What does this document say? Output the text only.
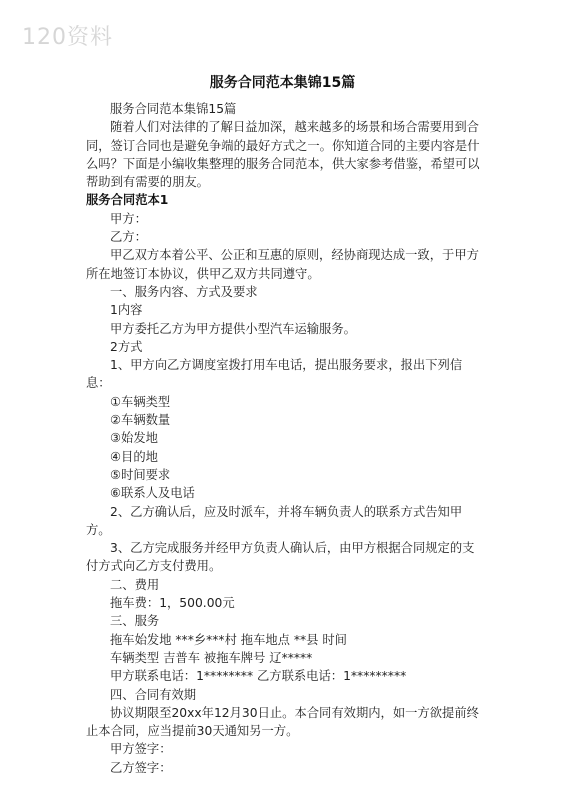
120资料
服务合同范本集锦15篇

服务合同范本集锦15篇

随着人们对法律的了解日益加深，越来越多的场景和场合需要用到合同，签订合同也是避免争端的最好方式之一。你知道合同的主要内容是什么吗？下面是小编收集整理的服务合同范本，供大家参考借鉴，希望可以帮助到有需要的朋友。

服务合同范本1

甲方：

乙方：

甲乙双方本着公平、公正和互惠的原则，经协商现达成一致，于甲方所在地签订本协议，供甲乙双方共同遵守。

一、服务内容、方式及要求

1内容

甲方委托乙方为甲方提供小型汽车运输服务。

2方式

1、甲方向乙方调度室拨打用车电话，提出服务要求，报出下列信息：

①车辆类型

②车辆数量

③始发地

④目的地

⑤时间要求

⑥联系人及电话

2、乙方确认后，应及时派车，并将车辆负责人的联系方式告知甲方。

3、乙方完成服务并经甲方负责人确认后，由甲方根据合同规定的支付方式向乙方支付费用。

二、费用

拖车费：1，500.00元

三、服务

拖车始发地 ***乡***村 拖车地点 **县 时间

车辆类型 吉普车 被拖车牌号 辽*****

甲方联系电话：1******** 乙方联系电话：1*********

四、合同有效期

协议期限至20xx年12月30日止。本合同有效期内，如一方欲提前终止本合同，应当提前30天通知另一方。

甲方签字：

乙方签字：
